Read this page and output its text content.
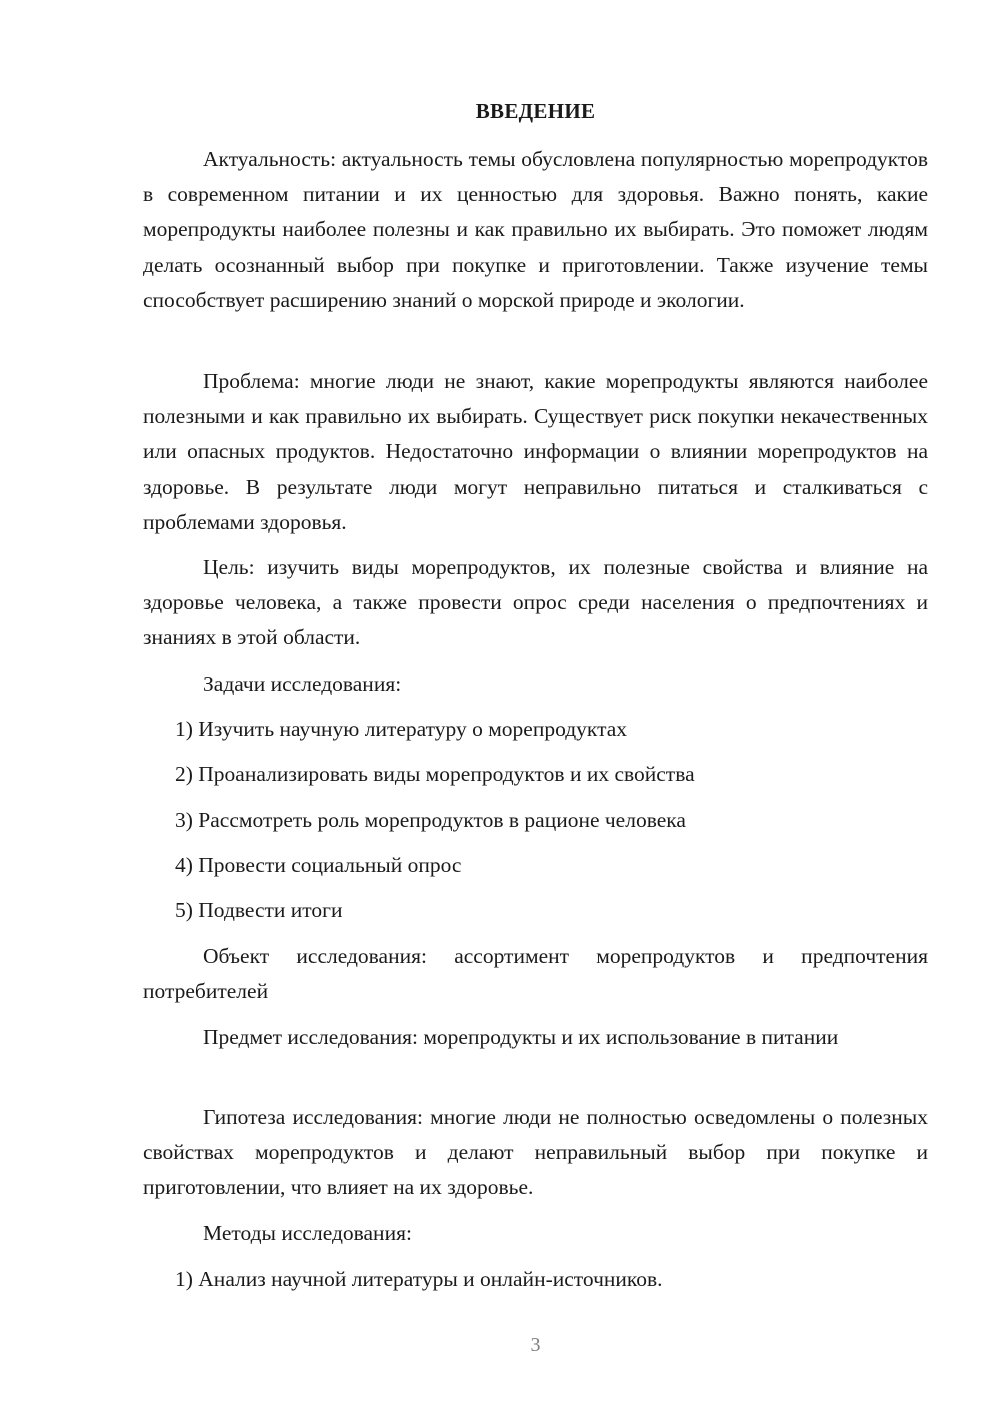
ВВЕДЕНИЕ

Актуальность: актуальность темы обусловлена популярностью морепродуктов в современном питании и их ценностью для здоровья. Важно понять, какие морепродукты наиболее полезны и как правильно их выбирать. Это поможет людям делать осознанный выбор при покупке и приготовлении. Также изучение темы способствует расширению знаний о морской природе и экологии.

Проблема: многие люди не знают, какие морепродукты являются наиболее полезными и как правильно их выбирать. Существует риск покупки некачественных или опасных продуктов. Недостаточно информации о влиянии морепродуктов на здоровье. В результате люди могут неправильно питаться и сталкиваться с проблемами здоровья.

Цель: изучить виды морепродуктов, их полезные свойства и влияние на здоровье человека, а также провести опрос среди населения о предпочтениях и знаниях в этой области.

Задачи исследования:
1) Изучить научную литературу о морепродуктах
2) Проанализировать виды морепродуктов и их свойства
3) Рассмотреть роль морепродуктов в рационе человека
4) Провести социальный опрос
5) Подвести итоги

Объект исследования: ассортимент морепродуктов и предпочтения потребителей

Предмет исследования: морепродукты и их использование в питании

Гипотеза исследования: многие люди не полностью осведомлены о полезных свойствах морепродуктов и делают неправильный выбор при покупке и приготовлении, что влияет на их здоровье.

Методы исследования:
1) Анализ научной литературы и онлайн-источников.
3
